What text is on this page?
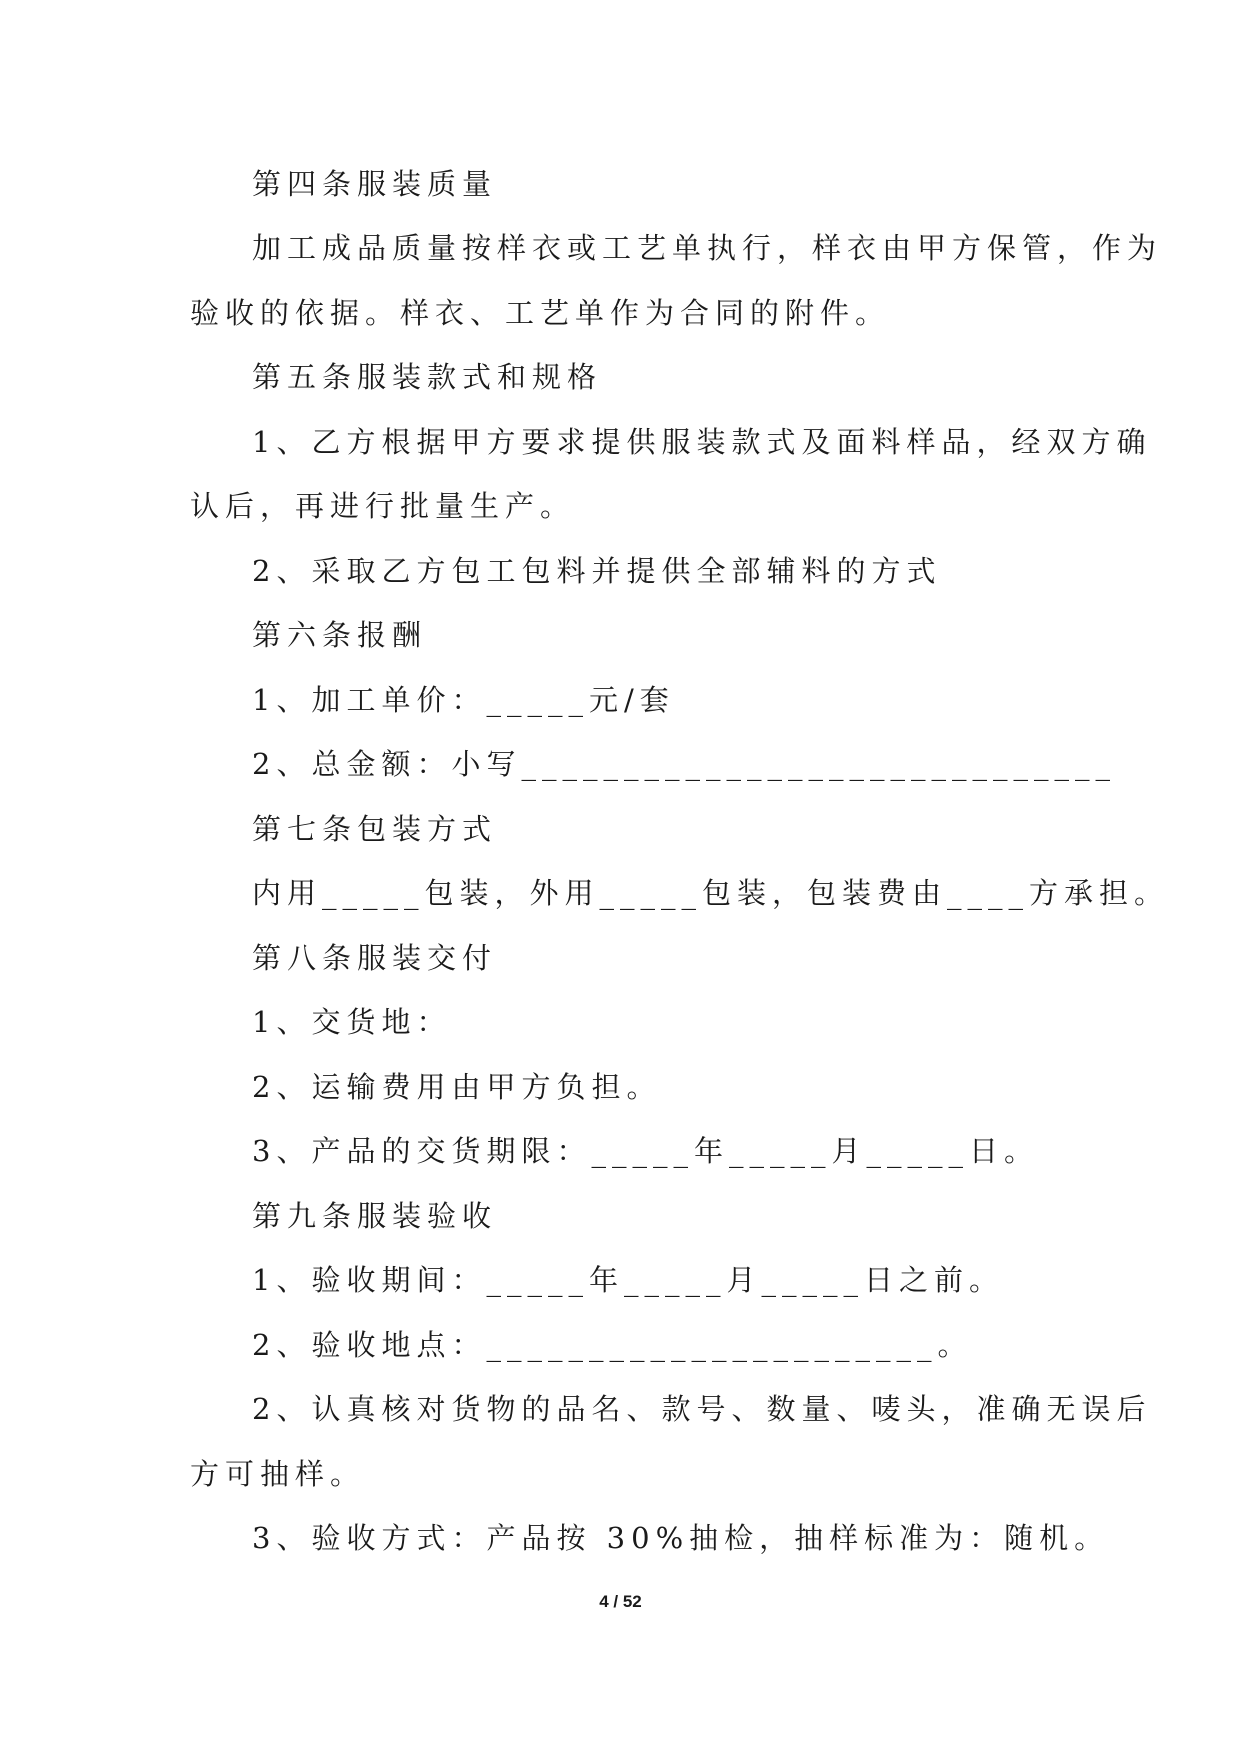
第四条服装质量
加工成品质量按样衣或工艺单执行，样衣由甲方保管，作为
验收的依据。样衣、工艺单作为合同的附件。
第五条服装款式和规格
1、乙方根据甲方要求提供服装款式及面料样品，经双方确
认后，再进行批量生产。
2、采取乙方包工包料并提供全部辅料的方式
第六条报酬
1、加工单价：_____元/套
2、总金额：小写_____________________________
第七条包装方式
内用_____包装，外用_____包装，包装费由____方承担。
第八条服装交付
1、交货地：
2、运输费用由甲方负担。
3、产品的交货期限：_____年_____月_____日。
第九条服装验收
1、验收期间：_____年_____月_____日之前。
2、验收地点：______________________。
2、认真核对货物的品名、款号、数量、唛头，准确无误后
方可抽样。
3、验收方式：产品按 30%抽检，抽样标准为：随机。
4 / 52
